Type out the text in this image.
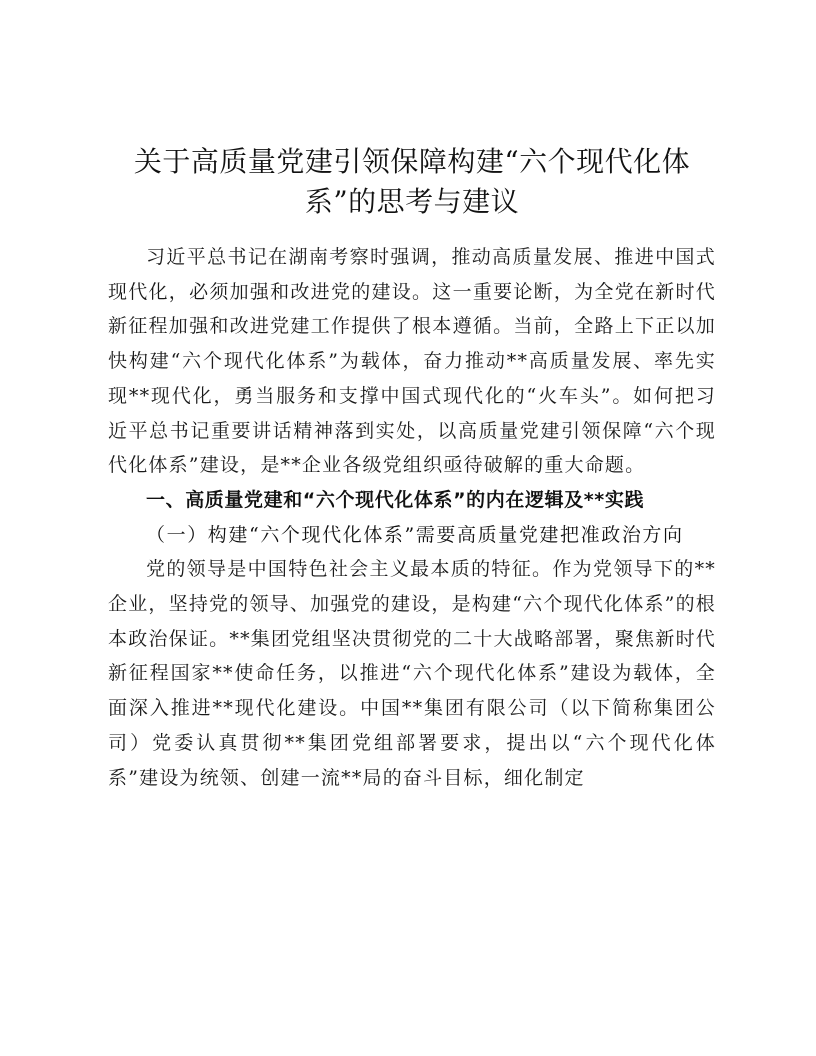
关于高质量党建引领保障构建“六个现代化体
系”的思考与建议

习近平总书记在湖南考察时强调，推动高质量发展、推进中国式现代化，必须加强和改进党的建设。这一重要论断，为全党在新时代新征程加强和改进党建工作提供了根本遵循。当前，全路上下正以加快构建“六个现代化体系”为载体，奋力推动**高质量发展、率先实现**现代化，勇当服务和支撑中国式现代化的“火车头”。如何把习近平总书记重要讲话精神落到实处，以高质量党建引领保障“六个现代化体系”建设，是**企业各级党组织亟待破解的重大命题。

一、高质量党建和“六个现代化体系”的内在逻辑及**实践

（一）构建“六个现代化体系”需要高质量党建把准政治方向

党的领导是中国特色社会主义最本质的特征。作为党领导下的**企业，坚持党的领导、加强党的建设，是构建“六个现代化体系”的根本政治保证。**集团党组坚决贯彻党的二十大战略部署，聚焦新时代新征程国家**使命任务，以推进“六个现代化体系”建设为载体，全面深入推进**现代化建设。中国**集团有限公司（以下简称集团公司）党委认真贯彻**集团党组部署要求，提出以“六个现代化体系”建设为统领、创建一流**局的奋斗目标，细化制定
